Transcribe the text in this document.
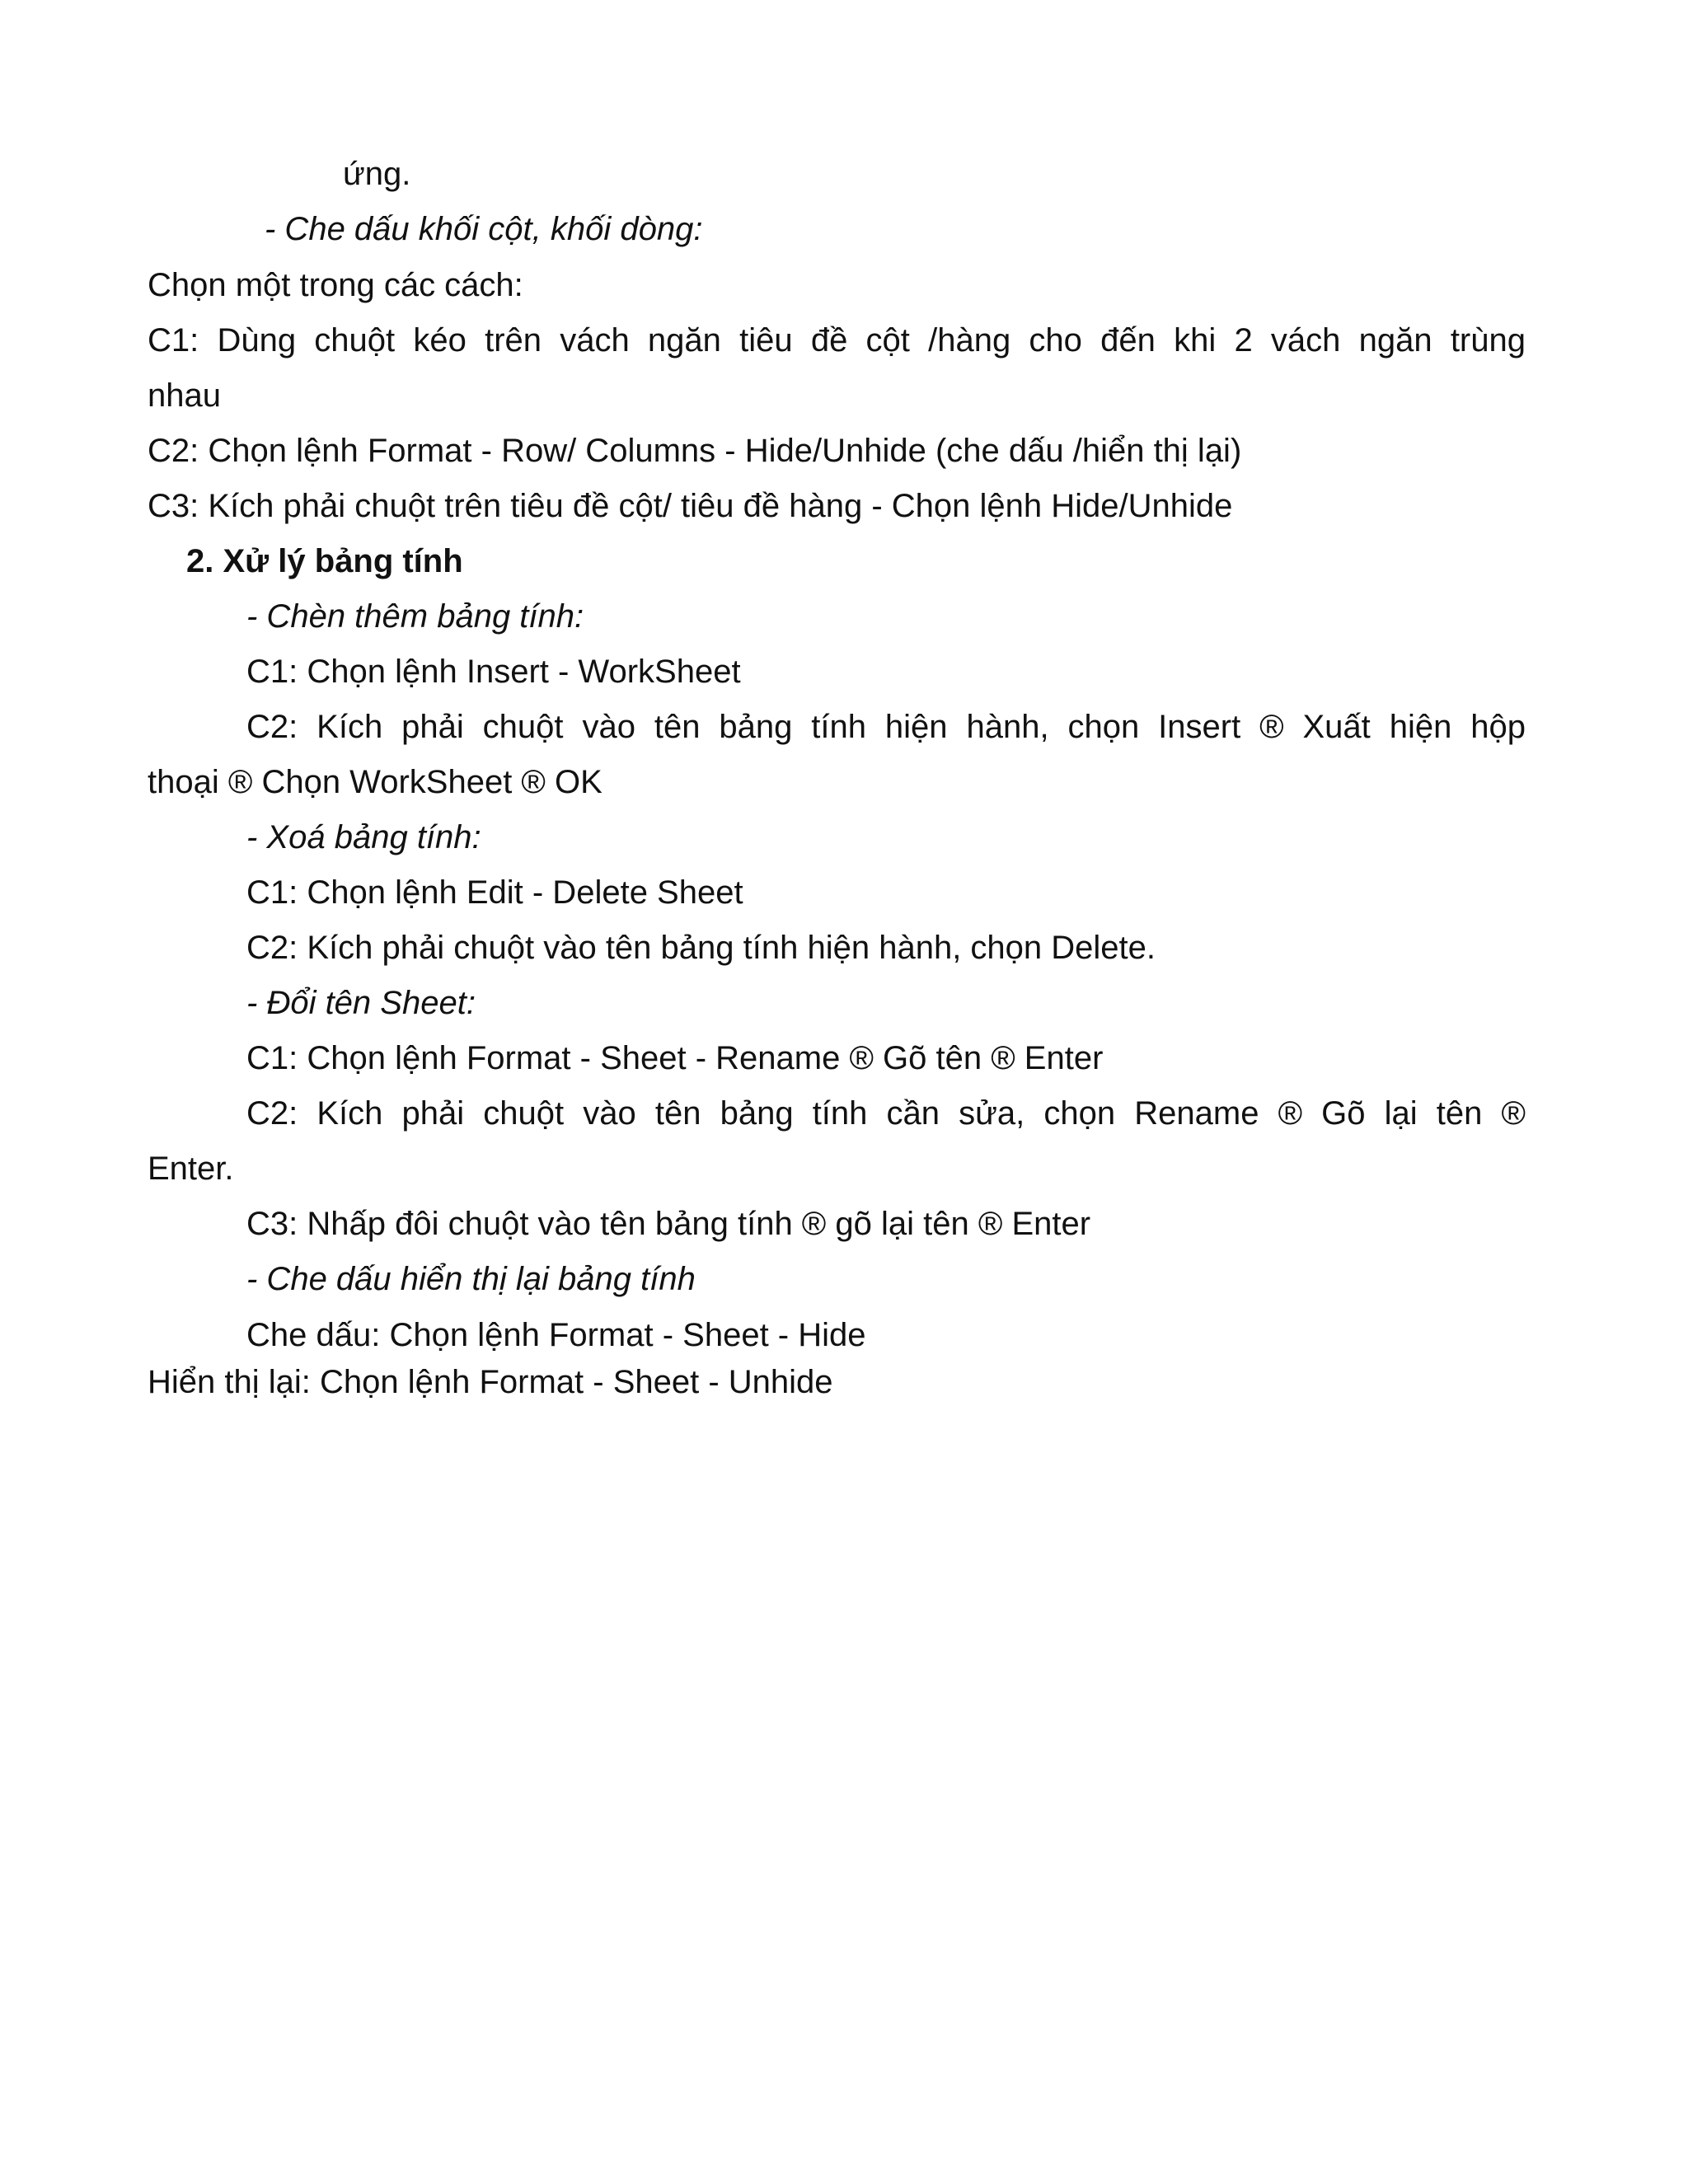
ứng.
- Che dấu khối cột, khối dòng:
Chọn một trong các cách:
C1: Dùng chuột kéo trên vách ngăn tiêu đề cột /hàng cho đến khi 2 vách ngăn trùng
nhau
C2: Chọn lệnh Format - Row/ Columns - Hide/Unhide (che dấu /hiển thị lại)
C3: Kích phải chuột trên tiêu đề cột/ tiêu đề hàng - Chọn lệnh Hide/Unhide
2. Xử lý bảng tính
- Chèn thêm bảng tính:
C1: Chọn lệnh Insert - WorkSheet
C2: Kích phải chuột vào tên bảng tính hiện hành, chọn Insert ® Xuất hiện hộp
thoại ® Chọn WorkSheet ® OK
- Xoá bảng tính:
C1: Chọn lệnh Edit - Delete Sheet
C2: Kích phải chuột vào tên bảng tính hiện hành, chọn Delete.
- Đổi tên Sheet:
C1: Chọn lệnh Format - Sheet - Rename ® Gõ tên ® Enter
C2: Kích phải chuột vào tên bảng tính cần sửa, chọn Rename ® Gõ lại tên ®
Enter.
C3: Nhấp đôi chuột vào tên bảng tính ® gõ lại tên ® Enter
- Che dấu hiển thị lại bảng tính
Che dấu: Chọn lệnh Format - Sheet - Hide
Hiển thị lại: Chọn lệnh Format - Sheet - Unhide
